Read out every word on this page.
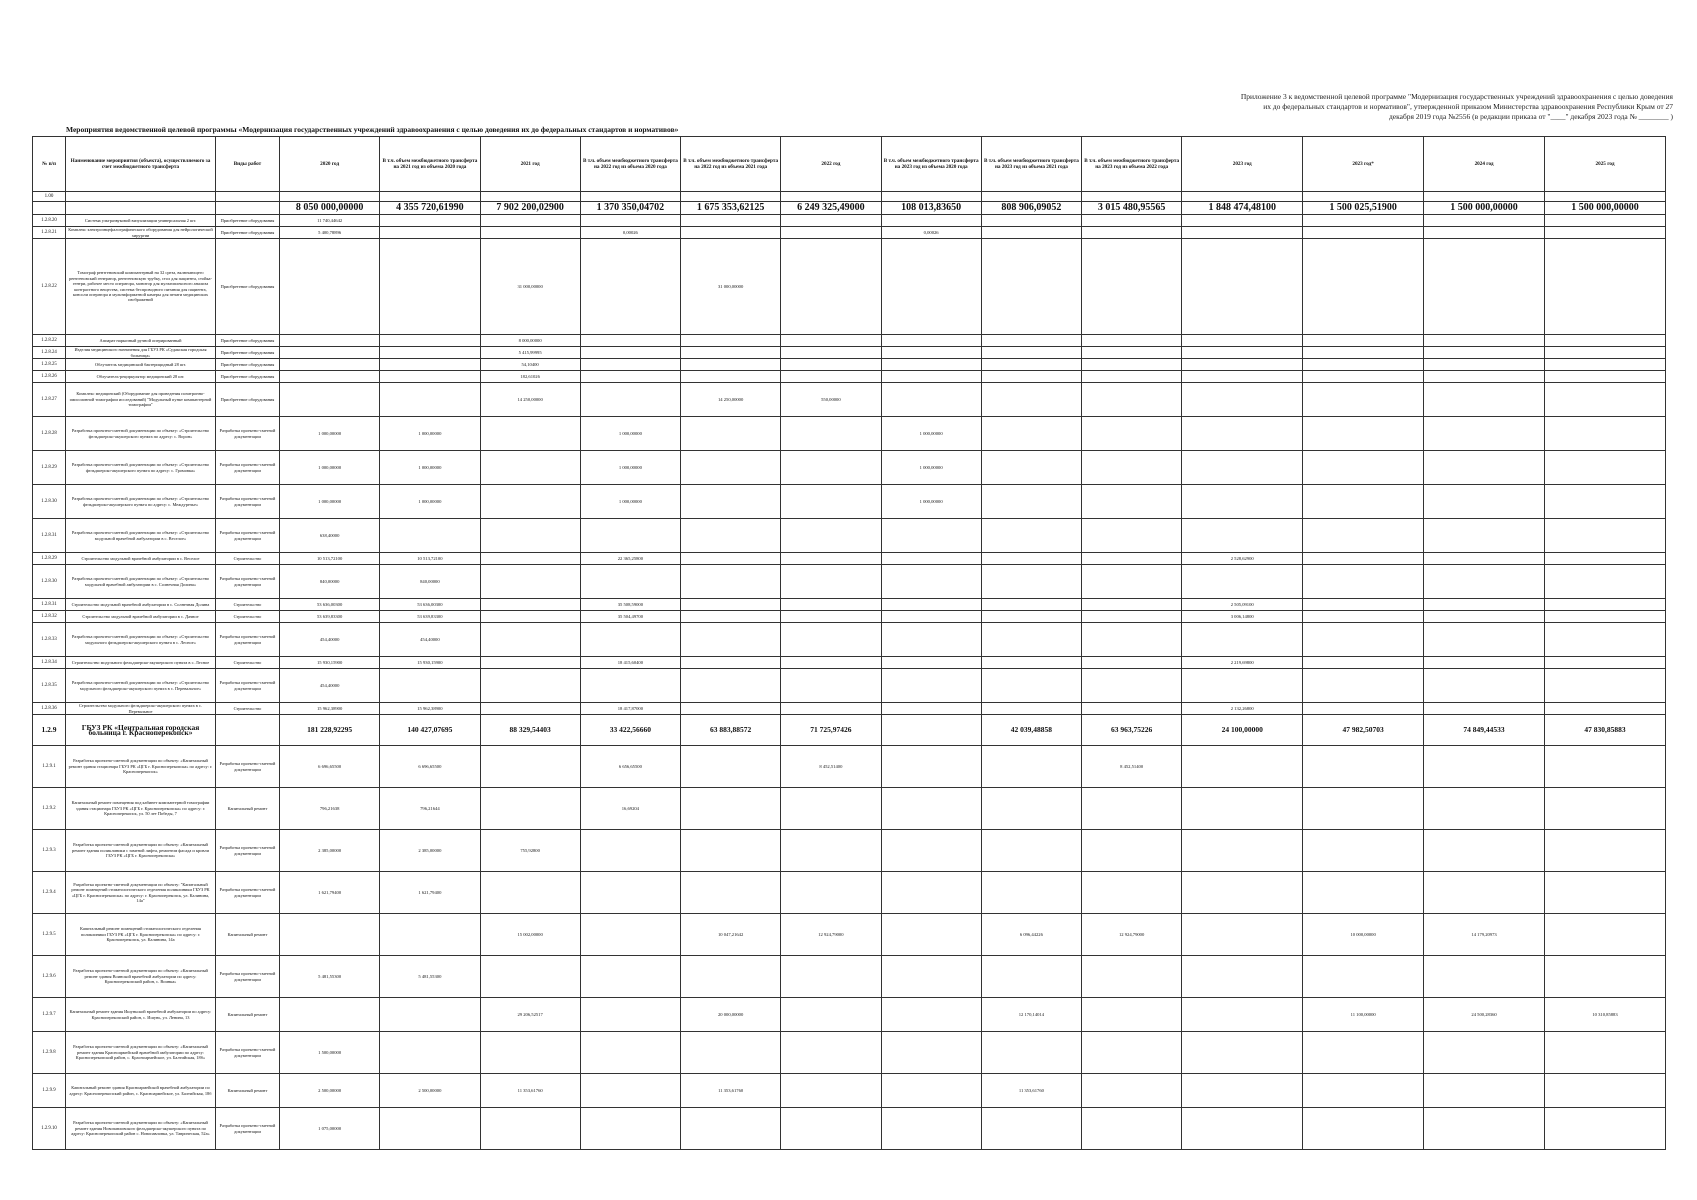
Приложение 3 к ведомственной целевой программе "Модернизация государственных учреждений здравоохранения с целью доведения
их до федеральных стандартов и нормативов", утвержденной приказом Министерства здравоохранения Республики Крым от 27
декабря 2019 года №2556 (в редакции приказа от "____" декабря 2023 года № ________ )
Мероприятия ведомственной целевой программы «Модернизация государственных учреждений здравоохранения с целью доведения их до федеральных стандартов и нормативов»
№ п/п	Наименование мероприятия (объекта), осуществляемого за счет межбюджетного трансферта	Виды работ	2020 год	В т.ч. объем межбюджетного трансферта на 2021 год из объема 2020 года	2021 год	В т.ч. объем межбюджетного трансферта на 2022 год из объема 2020 года	В т.ч. объем межбюджетного трансферта на 2022 год из объема 2021 года	2022 год	В т.ч. объем межбюджетного трансферта на 2023 год из объема 2020 года	В т.ч. объем межбюджетного трансферта на 2023 год из объема 2021 года	В т.ч. объем межбюджетного трансферта на 2023 год из объема 2022 года	2023 год	2023 год*	2024 год	2025 год
1.00															
			8 050 000,00000	4 355 720,61990	7 902 200,02900	1 370 350,04702	1 675 353,62125	6 249 325,49000	108 013,83650	808 906,09052	3 015 480,95565	1 848 474,48100	1 500 025,51900	1 500 000,00000	1 500 000,00000
1.2.8.20	Система ультразвуковой визуализации универсальная 2 шт.	Приобретение оборудования	11 740,44642												
1.2.8.21	Комплекс электроэнцефалографического оборудования для нейрологической хирургии	Приобретение оборудования	5 400,78896			0,00026			0,00026						
1.2.8.22	Томограф рентгеновский компьютерный на 32 среза, включающего рентгеновский генератор, рентгеновскую трубку, стол для пациента, стойка-гентри, рабочее место оператора, монитор для мультиплексного анализа контрастного вещества, система беспроводного питания для пациента, консоли оператора и мультиформатной камеры для печати медицинских изображений	Приобретение оборудования			31 000,00000		31 000,00000								
1.2.8.22	Аппарат наркозный ручной оперированный	Приобретение оборудования			8 000,00000										
1.2.8.24	Изделия медицинского назначения для ГБУЗ РК «Судакская городская больница»	Приобретение оборудования			5 415,99995										
1.2.8.25	Облучатель медицинский бактерицидный 28 шт.	Приобретение оборудования			54,10400										
1.2.8.26	Облучатель-рециркулятор медицинский 28 шт.	Приобретение оборудования			182,61026										
1.2.8.27	Комплекс медицинский (Оборудование для проведения позитронно-эмиссионной томографии исследований) "Модульный пункт компьютерной томографии"	Приобретение оборудования			14 250,00000		14 250,00000	550,00000							
1.2.8.28	Разработка проектно-сметной документации по объекту: «Строительство фельдшерско-акушерского пункта по адресу: с. Ворон»	Разработка проектно-сметной документации	1 000,00000	1 000,00000		1 000,00000			1 000,00000						
1.2.8.29	Разработка проектно-сметной документации по объекту: «Строительство фельдшерско-акушерского пункта по адресу: с. Громовка»	Разработка проектно-сметной документации	1 000,00000	1 000,00000		1 000,00000			1 000,00000						
1.2.8.30	Разработка проектно-сметной документации по объекту: «Строительство фельдшерско-акушерского пункта по адресу: с. Междуречье»	Разработка проектно-сметной документации	1 000,00000	1 000,00000		1 000,00000			1 000,00000						
1.2.8.31	Разработка проектно-сметной документации по объекту: «Строительство модульной врачебной амбулатории в с. Веселое»	Разработка проектно-сметной документации	638,40000												
1.2.8.29	Строительство модульной врачебной амбулатории в с. Веселое	Строительство	10 513,72100	10 513,72100		22 365,25800						2 528,62900			
1.2.8.30	Разработка проектно-сметной документации по объекту: «Строительство модульной врачебной амбулатории в с. Солнечная Долина»	Разработка проектно-сметной документации	840,00000	840,00000											
1.2.8.31	Строительство модульной врачебной амбулатории в с. Солнечная Долина	Строительство	53 636,00300	53 636,00300		35 508,59000						2 505,09100			
1.2.8.32	Строительство модульной врачебной амбулатории в с. Дачное	Строительство	53 639,83300	53 639,83300		35 504,49700						3 006,14800			
1.2.8.33	Разработка проектно-сметной документации по объекту: «Строительство модульного фельдшерско-акушерского пункта в с. Лесное»	Разработка проектно-сметной документации	454,40000	454,40000											
1.2.8.34	Строительство модульного фельдшерско-акушерского пункта в с. Лесное	Строительство	15 930,15900	15 930,15900		18 415,60400						2 219,69800			
1.2.8.35	Разработка проектно-сметной документации по объекту: «Строительство модульного фельдшерско-акушерского пункта в с. Перевальное»	Разработка проектно-сметной документации	454,40000												
1.2.8.36	Строительство модульного фельдшерско-акушерского пункта в с. Перевальное	Строительство	15 962,38900	15 962,38900		18 417,87000						2 132,26800			
1.2.9	ГБУЗ РК «Центральная городская больница г. Красноперекопск»		181 228,92295	140 427,07695	88 329,54403	33 422,56660	63 883,88572	71 725,97426		42 039,48858	63 963,75226	24 100,00000	47 982,50703	74 849,44533	47 830,85883
1.2.9.1	Разработка проектно-сметной документации по объекту: «Капитальный ремонт здания стационара ГБУЗ РК «ЦГБ г. Красноперекопска» по адресу: г. Красноперекопск»	Разработка проектно-сметной документации	6 696,65500	6 696,65500		6 656,65500		8 452,51400			8 452,51400				
1.2.9.2	Капитальный ремонт помещения под кабинет компьютерной томографии здания стационара ГБУЗ РК «ЦГБ г. Красноперекопска» по адресу: г. Красноперекопск, ул. 50 лет Победы, 7	Капитальный ремонт	796,21638	796,21644		16,69204									
1.2.9.3	Разработка проектно-сметной документации по объекту: «Капитальный ремонт здания поликлиники с заменой лифта, ремонтом фасада и кровли ГБУЗ РК «ЦГБ г. Красноперекопска»	Разработка проектно-сметной документации	2 385,00000	2 385,00000	755,92800										
1.2.9.4	Разработка проектно-сметной документации по объекту: "Капитальный ремонт помещений стоматологического отделения поликлиники ГБУЗ РК «ЦГБ г. Красноперекопска» по адресу: г. Красноперекопск, ул. Калинина, 14а"	Разработка проектно-сметной документации	1 621,79400	1 621,79400											
1.2.9.5	Капитальный ремонт помещений стоматологического отделения поликлиники ГБУЗ РК «ЦГБ г. Красноперекопска» по адресу: г. Красноперекопск, ул. Калинина, 14а	Капитальный ремонт			15 002,00000		10 047,21642	12 924,79000		6 096,44226	12 924,79000		10 000,00000	14 179,20973	
1.2.9.6	Разработка проектно-сметной документации по объекту: «Капитальный ремонт здания Воинской врачебной амбулатории по адресу: Красноперекопский район, с. Воинка»	Разработка проектно-сметной документации	5 481,55300	5 481,55300											
1.2.9.7	Капитальный ремонт здания Ишуньской врачебной амбулатории по адресу: Красноперекопский район, с. Ишунь, ул. Ленина, 13	Капитальный ремонт			29 206,52517		20 000,00000			12 170,14014			11 100,00000	24 500,28360	10 310,85883
1.2.9.8	Разработка проектно-сметной документации по объекту: «Капитальный ремонт здания Красноармейской врачебной амбулатории по адресу: Красноперекопский район, с. Красноармейское, ул. Балтийская, 18б»	Разработка проектно-сметной документации	1 500,00000												
1.2.9.9	Капитальный ремонт здания Красноармейской врачебной амбулатории по адресу: Красноперекопский район, с. Красноармейское, ул. Балтийская, 18б	Капитальный ремонт	2 500,00000	2 500,00000	11 353,61760		11 353,61760			11 353,61760					
1.2.9.10	Разработка проектно-сметной документации по объекту: «Капитальный ремонт здания Новопавловского фельдшерско-акушерского пункта по адресу: Красноперекопский район с. Новопавловка, ул. Таврическая, 52а»	Разработка проектно-сметной документации	1 075,00000												
